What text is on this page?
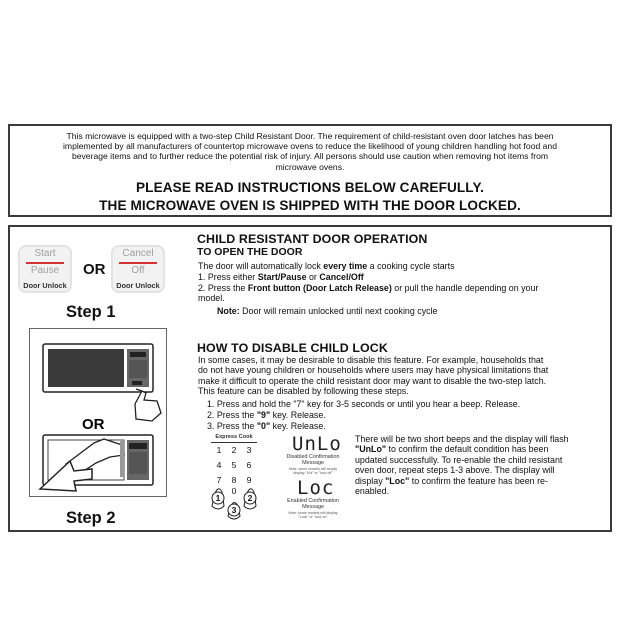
This microwave is equipped with a two-step Child Resistant Door. The requirement of child-resistant oven door latches has been
implemented by all manufacturers of countertop microwave ovens to reduce the likelihood of young children handling hot food and
beverage items and to further reduce the potential risk of injury. All persons should use caution when removing hot items from
microwave ovens.
PLEASE READ INSTRUCTIONS BELOW CAREFULLY.
THE MICROWAVE OVEN IS SHIPPED WITH THE DOOR LOCKED.
Start
Pause
Door Unlock
OR
Cancel
Off
Door Unlock
Step 1
OR
Step 2
CHILD RESISTANT DOOR OPERATION
TO OPEN THE DOOR
The door will automatically lock every time a cooking cycle starts
1. Press either Start/Pause or Cancel/Off
2. Press the Front button (Door Latch Release) or pull the handle depending on your
model.
Note: Door will remain unlocked until next cooking cycle
HOW TO DISABLE CHILD LOCK
In some cases, it may be desirable to disable this feature. For example, households that
do not have young children or households where users may have physical limitations that
make it difficult to operate the child resistant door may want to disable the two-step latch.
This feature can be disabled by following these steps.
1. Press and hold the "7" key for 3-5 seconds or until you hear a beep. Release.
2. Press the "9" key. Release.
3. Press the "0" key. Release.
Express Cook
1	2	3
4	5	6
7	8	9
0
1	2
3
UnLo
Disabled Confirmation
Message
Note: some models will simply
display "Unl" or "lock off"
Loc
Enabled Confirmation
Message
Note: some models will display
"Lock" or "lock on"
There will be two short beeps and the display will flash
"UnLo" to confirm the default condition has been
updated successfully. To re-enable the child resistant
oven door, repeat steps 1-3 above. The display will
display "Loc" to confirm the feature has been re-
enabled.
